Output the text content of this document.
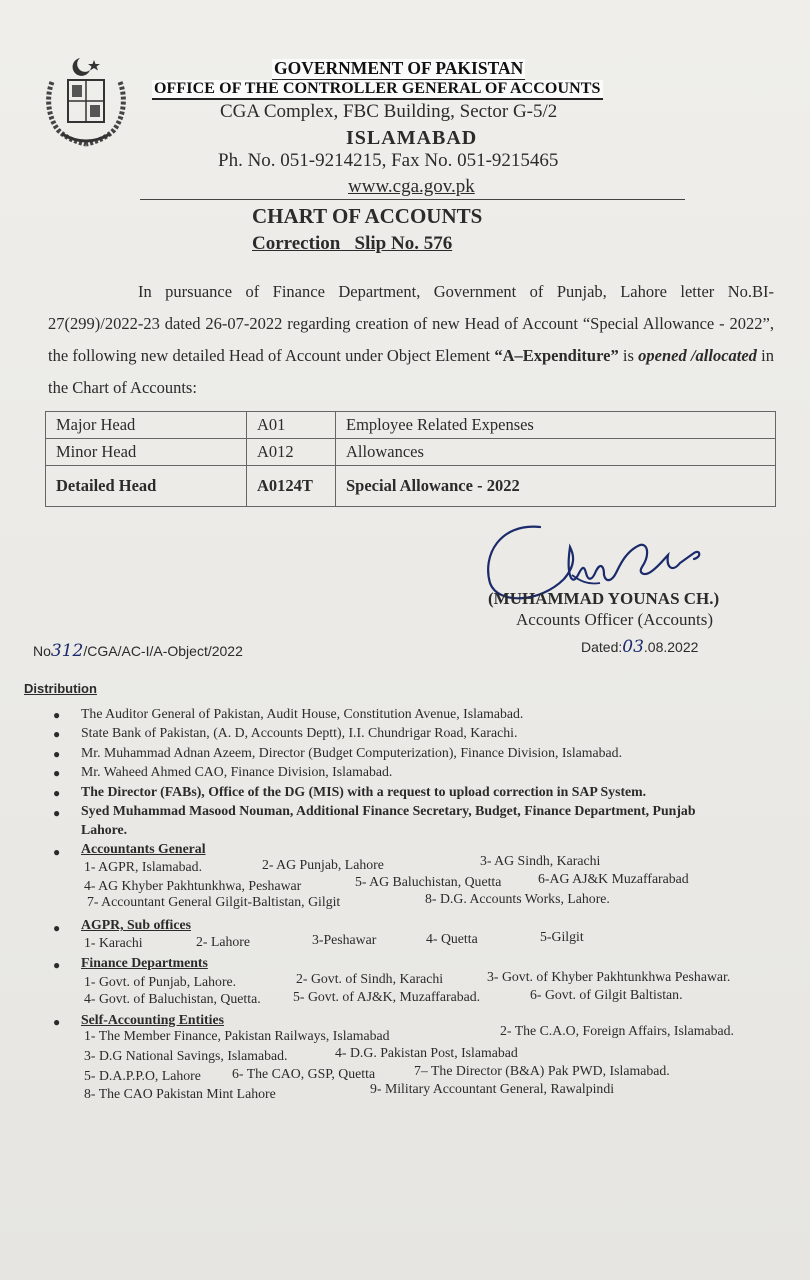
GOVERNMENT OF PAKISTAN
OFFICE OF THE CONTROLLER GENERAL OF ACCOUNTS
CGA Complex, FBC Building, Sector G-5/2
ISLAMABAD
Ph. No. 051-9214215, Fax No. 051-9215465
www.cga.gov.pk
CHART OF ACCOUNTS
Correction   Slip No. 576
In pursuance of Finance Department, Government of Punjab, Lahore letter No.BI-27(299)/2022-23 dated 26-07-2022 regarding creation of new Head of Account “Special Allowance - 2022”, the following new detailed Head of Account under Object Element “A–Expenditure” is opened /allocated in the Chart of Accounts:
Major Head	A01	Employee Related Expenses
Minor Head	A012	Allowances
Detailed Head	A0124T	Special Allowance - 2022
(MUHAMMAD YOUNAS CH.)
Accounts Officer (Accounts)
No312/CGA/AC-I/A-Object/2022	Dated:03.08.2022
Distribution
● The Auditor General of Pakistan, Audit House, Constitution Avenue, Islamabad.
● State Bank of Pakistan, (A. D, Accounts Deptt), I.I. Chundrigar Road, Karachi.
● Mr. Muhammad Adnan Azeem, Director (Budget Computerization), Finance Division, Islamabad.
● Mr. Waheed Ahmed CAO, Finance Division, Islamabad.
● The Director (FABs), Office of the DG (MIS) with a request to upload correction in SAP System.
● Syed Muhammad Masood Nouman, Additional Finance Secretary, Budget, Finance Department, Punjab
Lahore.
● Accountants General
1- AGPR, Islamabad.	2- AG Punjab, Lahore	3- AG Sindh, Karachi
4- AG Khyber Pakhtunkhwa, Peshawar	5- AG Baluchistan, Quetta	6-AG AJ&K Muzaffarabad
7- Accountant General Gilgit-Baltistan, Gilgit	8- D.G. Accounts Works, Lahore.
● AGPR, Sub offices
1- Karachi	2- Lahore	3-Peshawar	4- Quetta	5-Gilgit
● Finance Departments
1- Govt. of Punjab, Lahore.	2- Govt. of Sindh, Karachi	3- Govt. of Khyber Pakhtunkhwa Peshawar.
4- Govt. of Baluchistan, Quetta. 5- Govt. of AJ&K, Muzaffarabad.	6- Govt. of Gilgit Baltistan.
● Self-Accounting Entities
1- The Member Finance, Pakistan Railways, Islamabad	2- The C.A.O, Foreign Affairs, Islamabad.
3- D.G National Savings, Islamabad.	4- D.G. Pakistan Post, Islamabad
5- D.A.P.P.O, Lahore 6- The CAO, GSP, Quetta	7– The Director (B&A) Pak PWD, Islamabad.
8- The CAO Pakistan Mint Lahore	9- Military Accountant General, Rawalpindi
